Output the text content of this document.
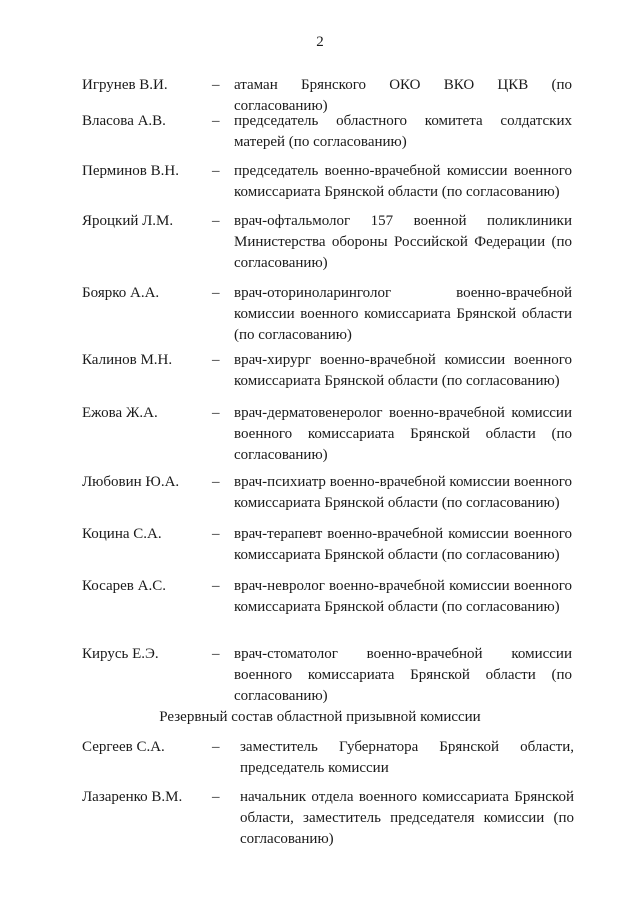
2
Игрунев В.И.	– атаман Брянского ОКО ВКО ЦКВ (по согласованию)
Власова А.В.	– председатель областного комитета солдатских матерей (по согласованию)
Перминов В.Н.	– председатель военно-врачебной комиссии военного комиссариата Брянской области (по согласованию)
Яроцкий Л.М.	– врач-офтальмолог 157 военной поликлиники Министерства обороны Российской Федерации (по согласованию)
Боярко А.А.	– врач-оториноларинголог военно-врачебной комиссии военного комиссариата Брянской области (по согласованию)
Калинов М.Н.	– врач-хирург военно-врачебной комиссии военного комиссариата Брянской области (по согласованию)
Ежова Ж.А.	– врач-дерматовенеролог военно-врачебной комиссии военного комиссариата Брянской области (по согласованию)
Любовин Ю.А.	– врач-психиатр военно-врачебной комиссии военного комиссариата Брянской области (по согласованию)
Коцина С.А.	– врач-терапевт военно-врачебной комиссии военного комиссариата Брянской области (по согласованию)
Косарев А.С.	– врач-невролог военно-врачебной комиссии военного комиссариата Брянской области (по согласованию)
Кирусь Е.Э.	– врач-стоматолог военно-врачебной комиссии военного комиссариата Брянской области (по согласованию)
Резервный состав областной призывной комиссии
Сергеев С.А.	– заместитель Губернатора Брянской области, председатель комиссии
Лазаренко В.М.	– начальник отдела военного комиссариата Брянской области, заместитель председателя комиссии (по согласованию)
